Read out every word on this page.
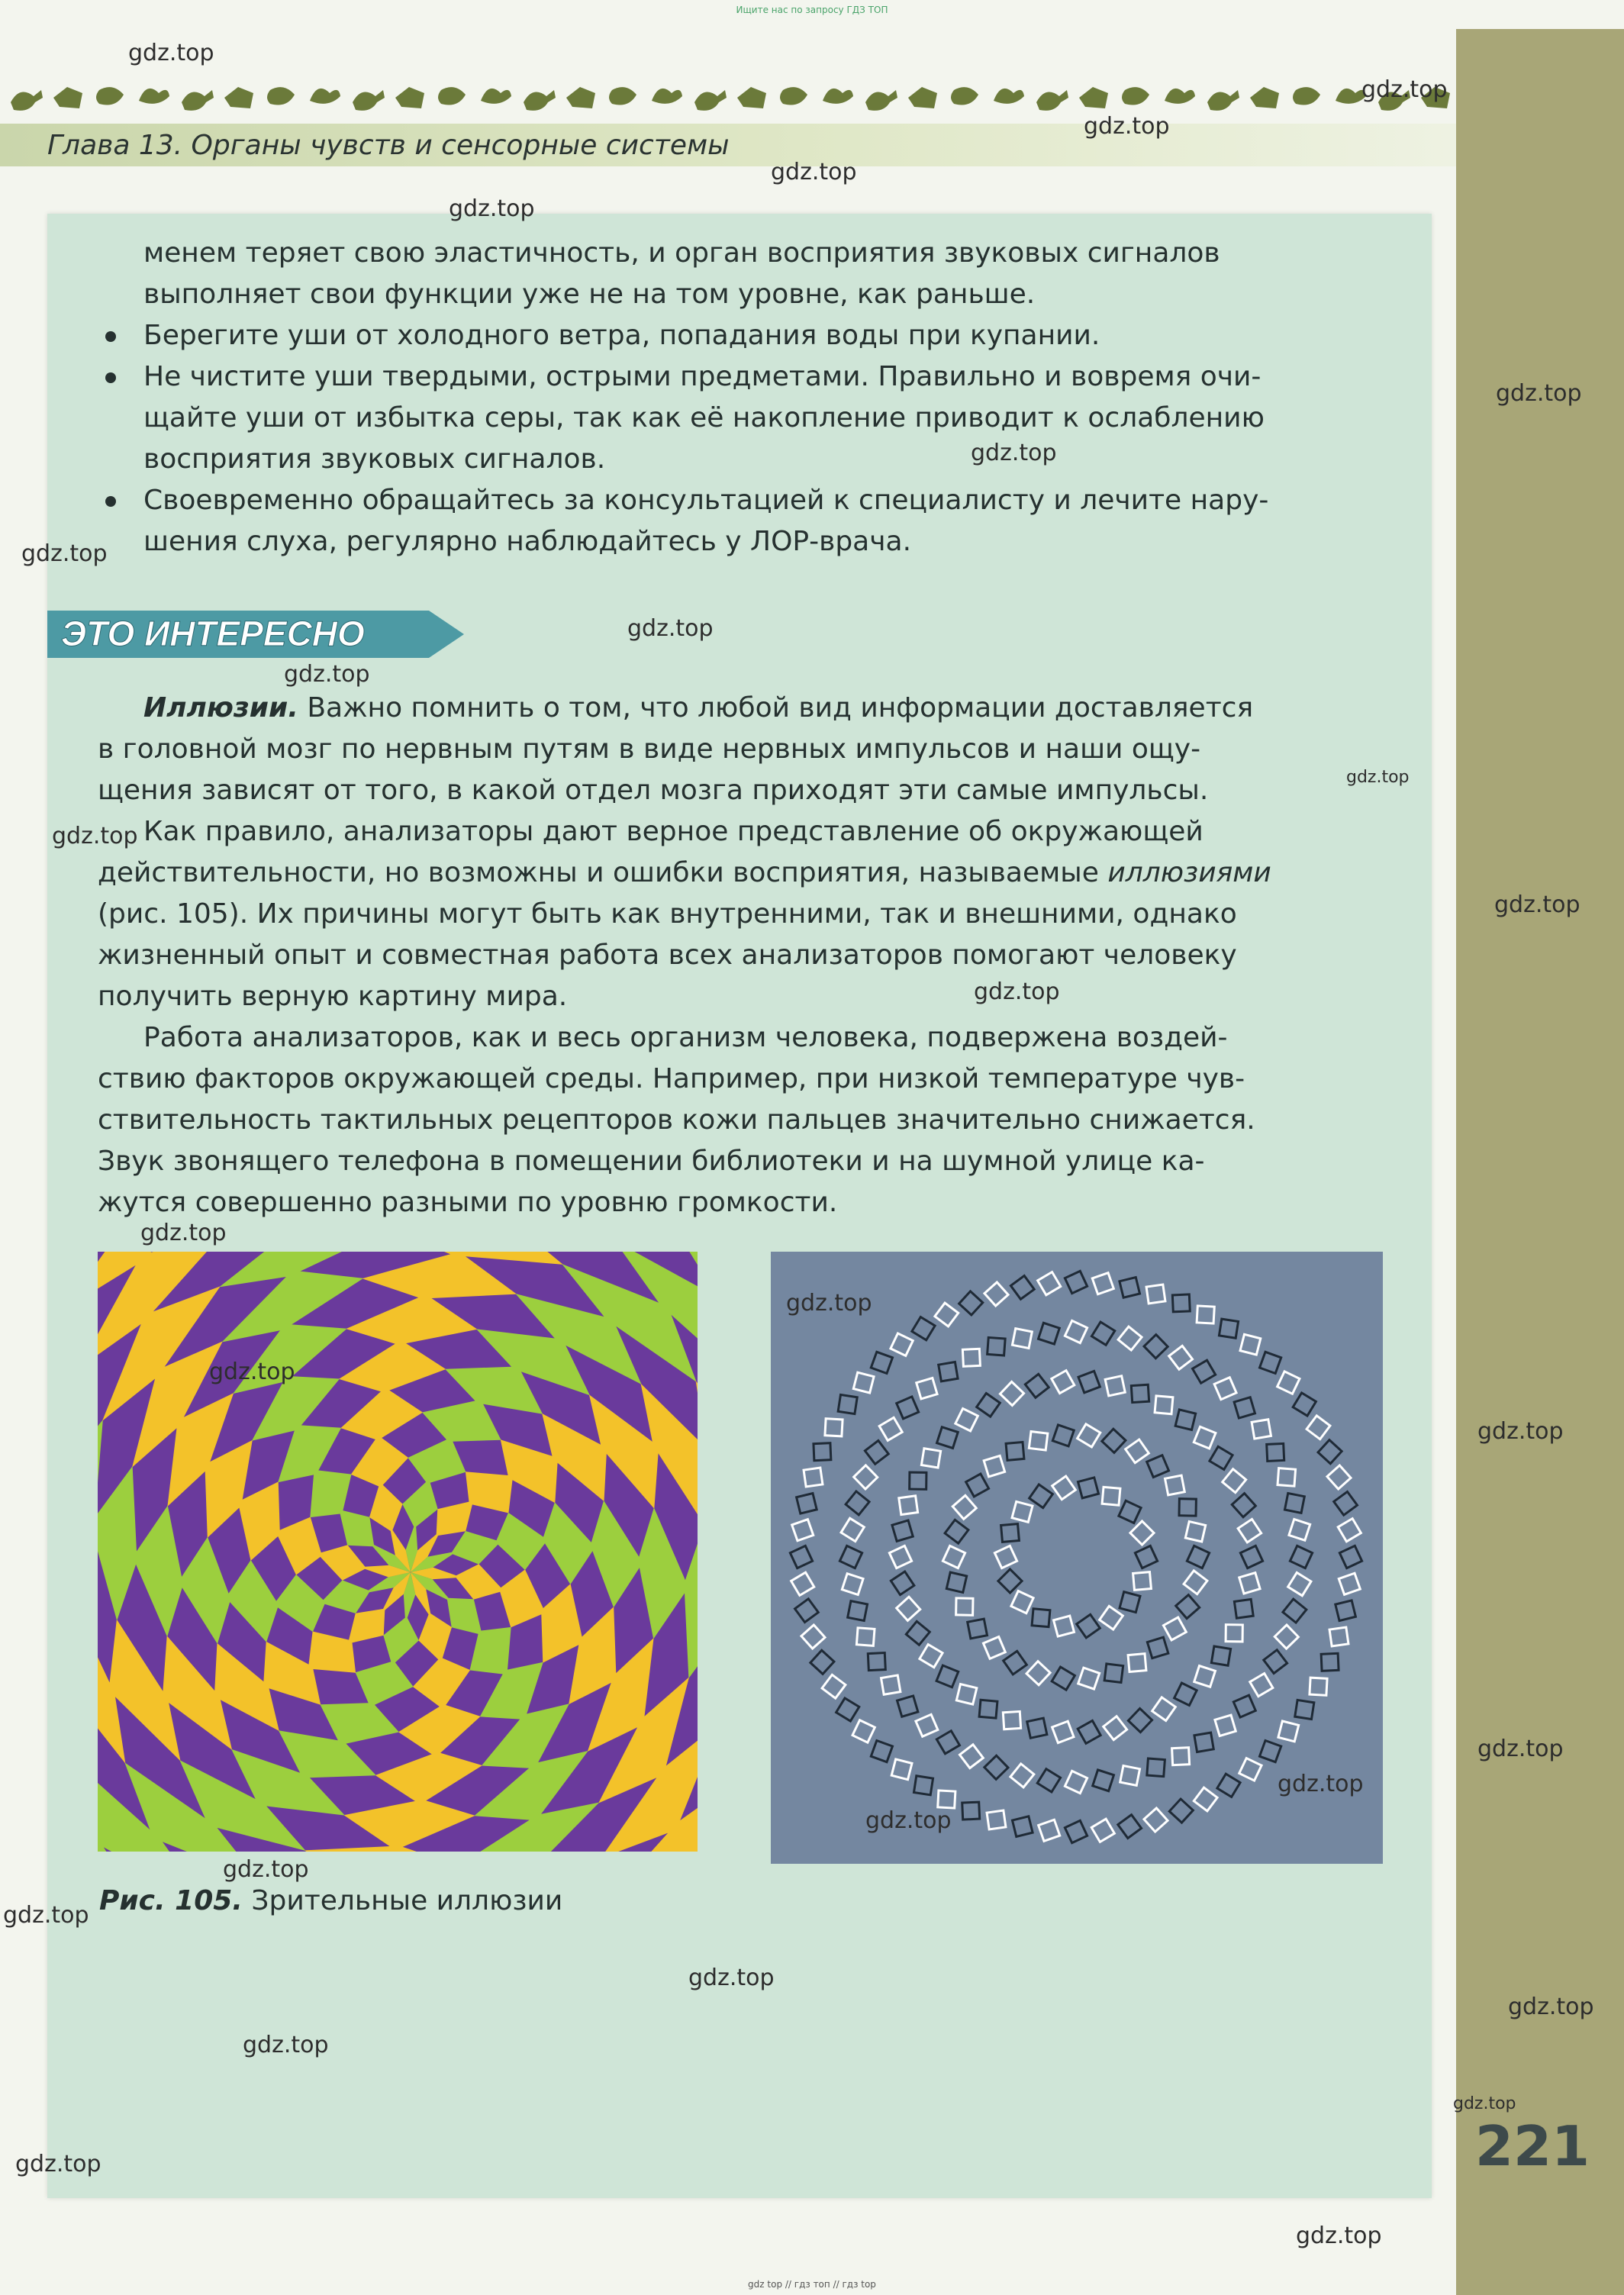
Ищите нас по запросу ГДЗ ТОП
Глава 13. Органы чувств и сенсорные системы
менем теряет свою эластичность, и орган восприятия звуковых сигналов
выполняет свои функции уже не на том уровне, как раньше.
Берегите уши от холодного ветра, попадания воды при купании.
Не чистите уши твердыми, острыми предметами. Правильно и вовремя очи-
щайте уши от избытка серы, так как её накопление приводит к ослаблению
восприятия звуковых сигналов.
Своевременно обращайтесь за консультацией к специалисту и лечите нару-
шения слуха, регулярно наблюдайтесь у ЛОР-врача.
ЭТО ИНТЕРЕСНО
Иллюзии. Важно помнить о том, что любой вид информации доставляется
в головной мозг по нервным путям в виде нервных импульсов и наши ощу-
щения зависят от того, в какой отдел мозга приходят эти самые импульсы.
Как правило, анализаторы дают верное представление об окружающей
действительности, но возможны и ошибки восприятия, называемые иллюзиями
(рис. 105). Их причины могут быть как внутренними, так и внешними, однако
жизненный опыт и совместная работа всех анализаторов помогают человеку
получить верную картину мира.
Работа анализаторов, как и весь организм человека, подвержена воздей-
ствию факторов окружающей среды. Например, при низкой температуре чув-
ствительность тактильных рецепторов кожи пальцев значительно снижается.
Звук звонящего телефона в помещении библиотеки и на шумной улице ка-
жутся совершенно разными по уровню громкости.
Рис. 105. Зрительные иллюзии
221
gdz top // гдз топ // гдз top
gdz.top
gdz.top
gdz.top
gdz.top
gdz.top
gdz.top
gdz.top
gdz.top
gdz.top
gdz.top
gdz.top
gdz.top
gdz.top
gdz.top
gdz.top
gdz.top
gdz.top
gdz.top
gdz.top
gdz.top
gdz.top
gdz.top
gdz.top
gdz.top
gdz.top
gdz.top
gdz.top
gdz.top
gdz.top
